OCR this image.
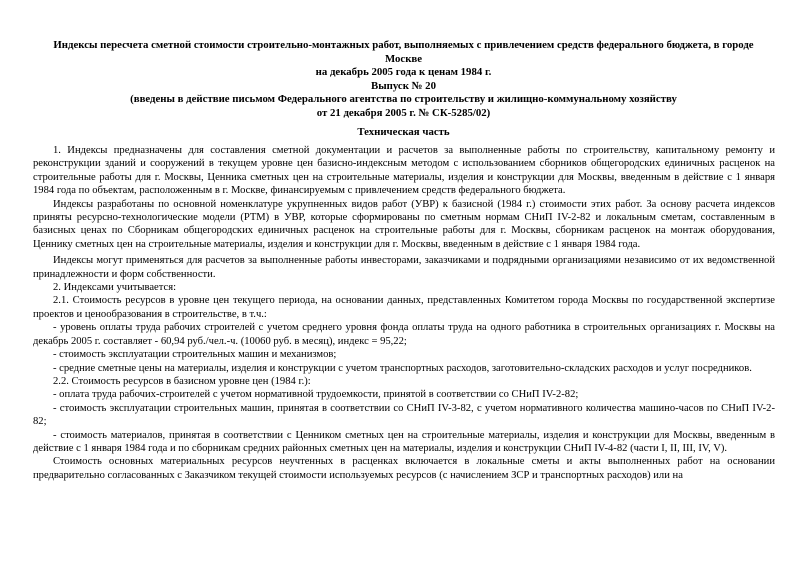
Индексы пересчета сметной стоимости строительно-монтажных работ, выполняемых с привлечением средств федерального бюджета, в городе
Москве
на декабрь 2005 года к ценам 1984 г.
Выпуск № 20
(введены в действие письмом Федерального агентства по строительству и жилищно-коммунальному хозяйству
от 21 декабря 2005 г. № СК-5285/02)
Техническая часть

1. Индексы предназначены для составления сметной документации и расчетов за выполненные работы по строительству, капитальному ремонту и реконструкции зданий и сооружений в текущем уровне цен базисно-индексным методом с использованием сборников общегородских единичных расценок на строительные работы для г. Москвы, Ценника сметных цен на строительные материалы, изделия и конструкции для Москвы, введенным в действие с 1 января 1984 года по объектам, расположенным в г. Москве, финансируемым с привлечением средств федерального бюджета.

Индексы разработаны по основной номенклатуре укрупненных видов работ (УВР) к базисной (1984 г.) стоимости этих работ. За основу расчета индексов приняты ресурсно-технологические модели (РТМ) в УВР, которые сформированы по сметным нормам СНиП IV-2-82 и локальным сметам, составленным в базисных ценах по Сборникам общегородских единичных расценок на строительные работы для г. Москвы, сборникам расценок на монтаж оборудования, Ценнику сметных цен на строительные материалы, изделия и конструкции для г. Москвы, введенным в действие с 1 января 1984 года.

Индексы могут применяться для расчетов за выполненные работы инвесторами, заказчиками и подрядными организациями независимо от их ведомственной принадлежности и форм собственности.

2. Индексами учитывается:

2.1. Стоимость ресурсов в уровне цен текущего периода, на основании данных, представленных Комитетом города Москвы по государственной экспертизе проектов и ценообразования в строительстве, в т.ч.:

- уровень оплаты труда рабочих строителей с учетом среднего уровня фонда оплаты труда на одного работника в строительных организациях г. Москвы на декабрь 2005 г. составляет - 60,94 руб./чел.-ч. (10060 руб. в месяц), индекс = 95,22;

- стоимость эксплуатации строительных машин и механизмов;

- средние сметные цены на материалы, изделия и конструкции с учетом транспортных расходов, заготовительно-складских расходов и услуг посредников.

2.2. Стоимость ресурсов в базисном уровне цен (1984 г.):

- оплата труда рабочих-строителей с учетом нормативной трудоемкости, принятой в соответствии со СНиП IV-2-82;

- стоимость эксплуатации строительных машин, принятая в соответствии со СНиП IV-3-82, с учетом нормативного количества машино-часов по СНиП IV-2-82;

- стоимость материалов, принятая в соответствии с Ценником сметных цен на строительные материалы, изделия и конструкции для Москвы, введенным в действие с 1 января 1984 года и по сборникам средних районных сметных цен на материалы, изделия и конструкции СНиП IV-4-82 (части I, II, III, IV, V).

Стоимость основных материальных ресурсов неучтенных в расценках включается в локальные сметы и акты выполненных работ на основании предварительно согласованных с Заказчиком текущей стоимости используемых ресурсов (с начислением ЗСР и транспортных расходов) или на
